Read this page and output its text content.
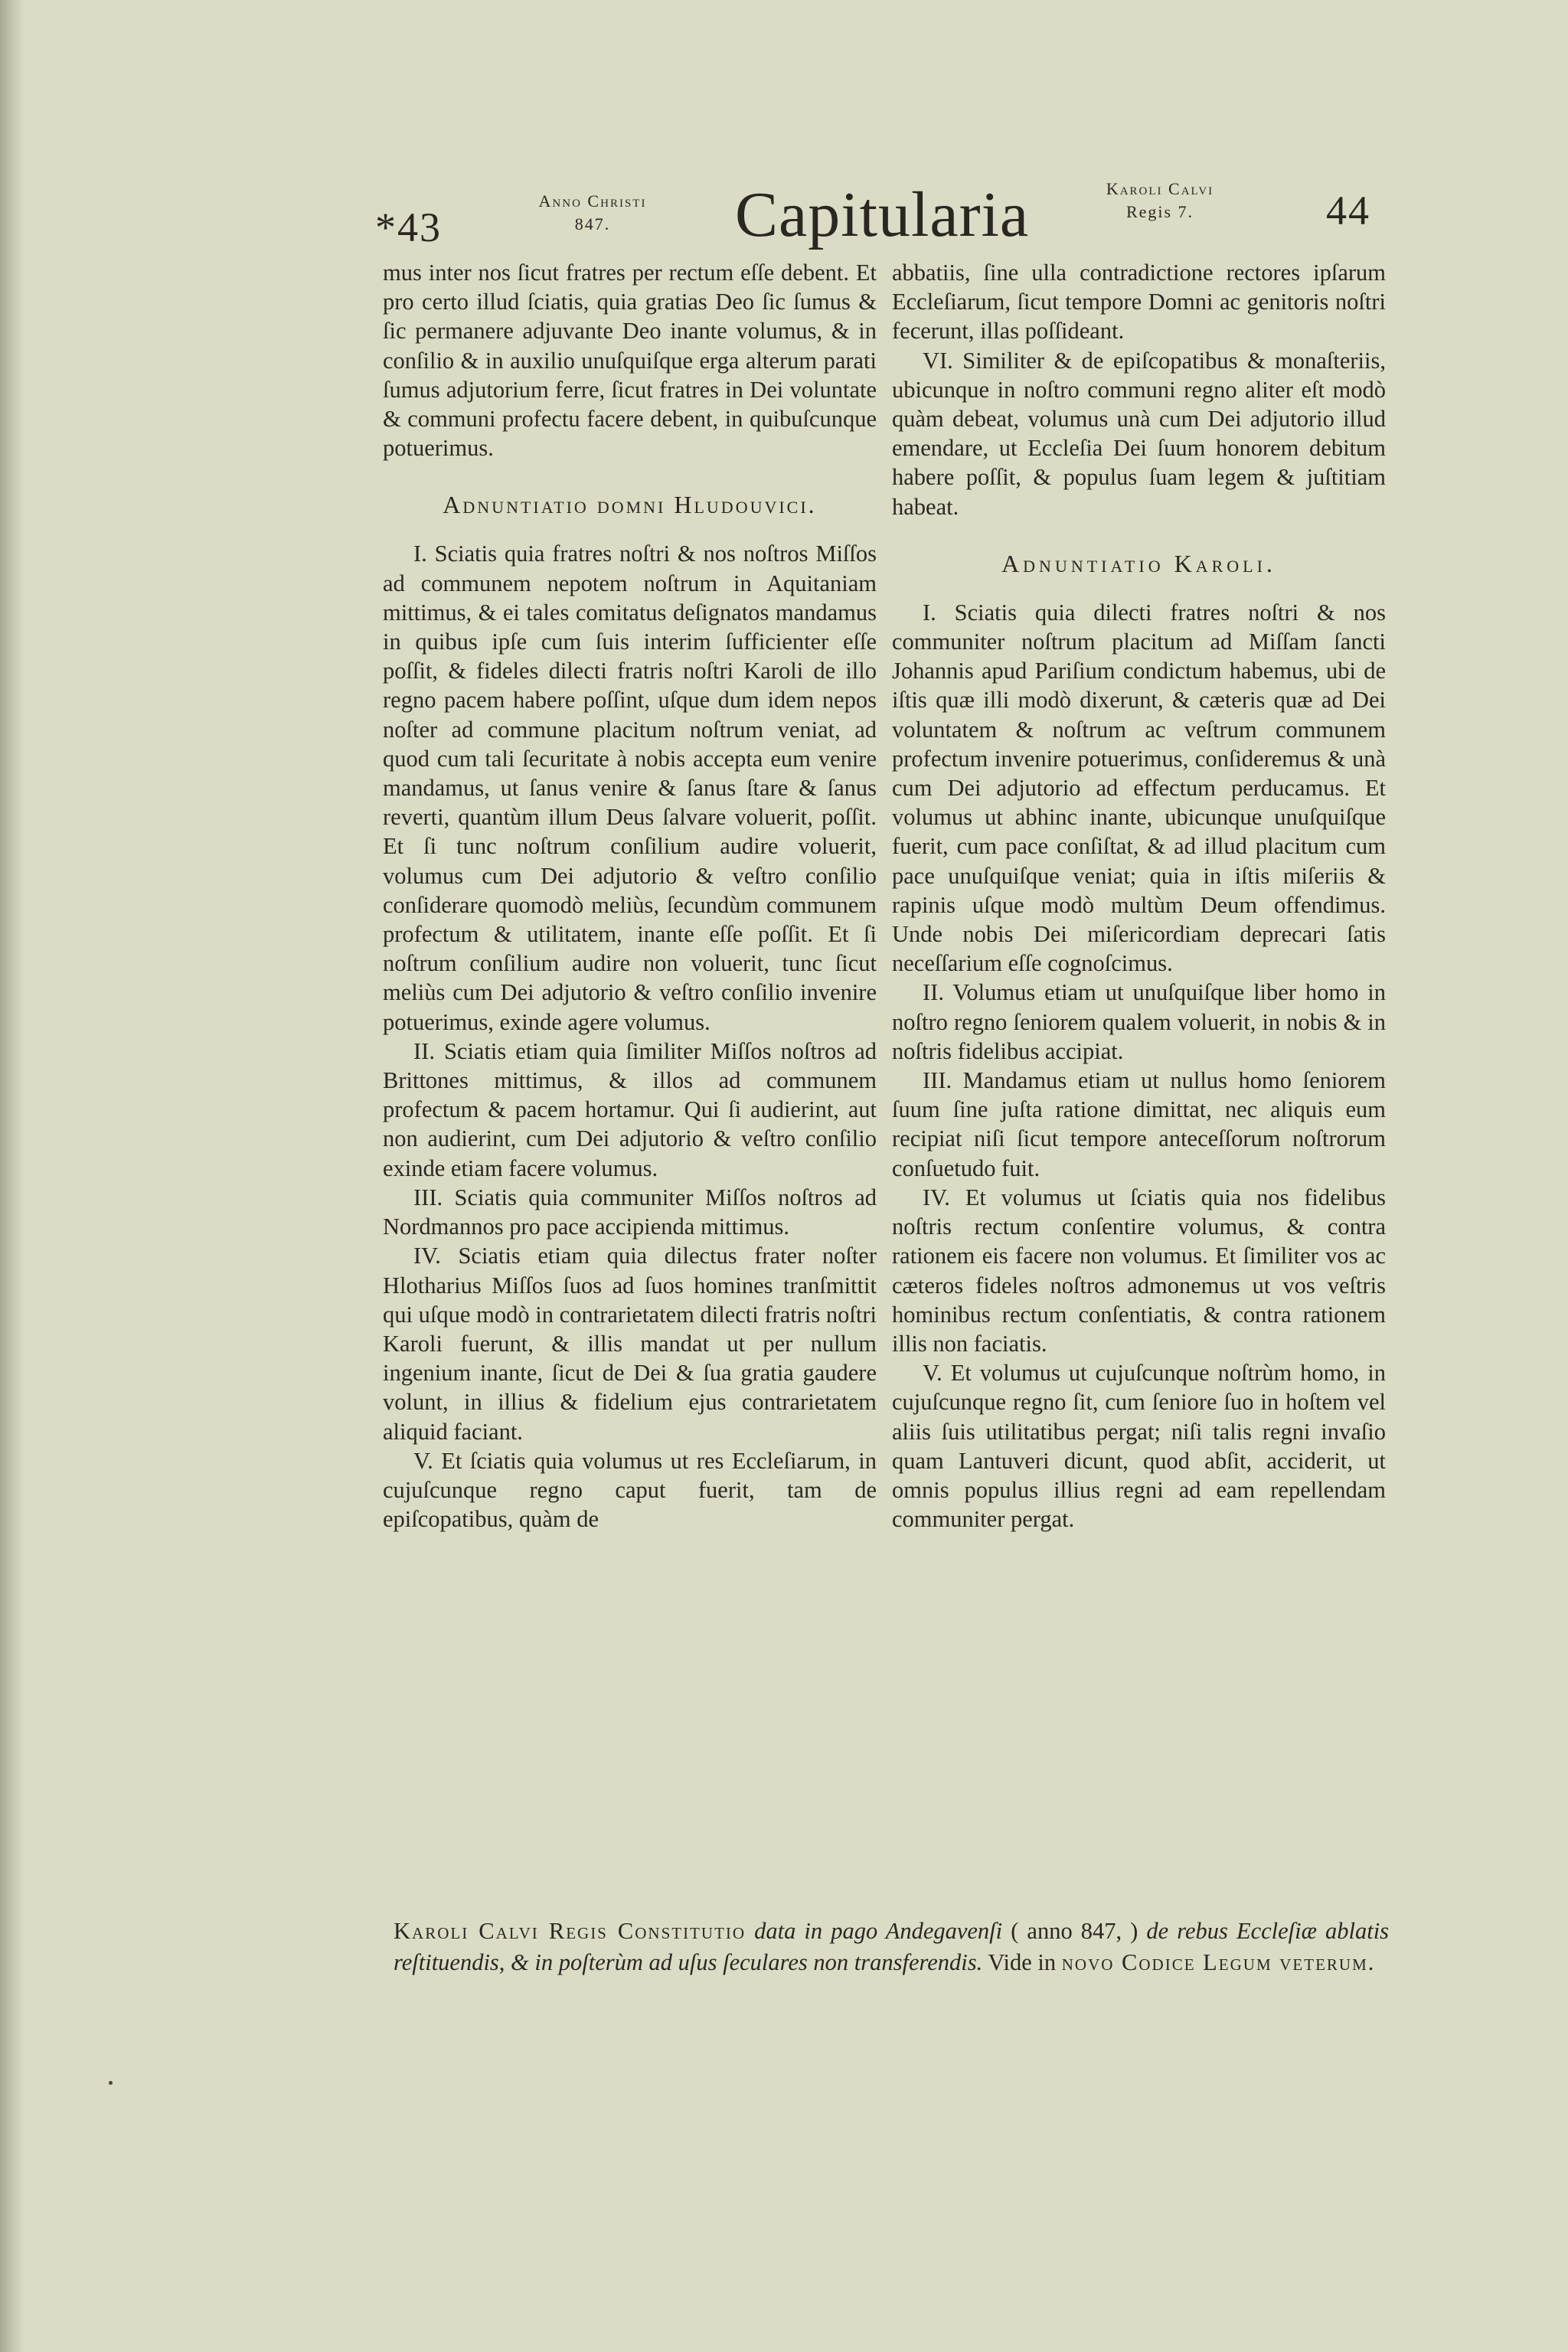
*43
Anno Christi
847.	Capitularia	Karoli Calvi
Regis 7.	44

mus inter nos ſicut fratres per rectum eſſe debent. Et pro certo illud ſciatis, quia gratias Deo ſic ſumus & ſic permanere adjuvante Deo inante volumus, & in conſilio & in auxilio unuſquiſque erga alterum parati ſumus adjutorium ferre, ſicut fratres in Dei voluntate & communi profectu facere debent, in quibuſcunque potuerimus.

Adnuntiatio domni Hludouvici.

I. Sciatis quia fratres noſtri & nos noſtros Miſſos ad communem nepotem noſtrum in Aquitaniam mittimus, & ei tales comitatus deſignatos mandamus in quibus ipſe cum ſuis interim ſufficienter eſſe poſſit, & fideles dilecti fratris noſtri Karoli de illo regno pacem habere poſſint, uſque dum idem nepos noſter ad commune placitum noſtrum veniat, ad quod cum tali ſecuritate à nobis accepta eum venire mandamus, ut ſanus venire & ſanus ſtare & ſanus reverti, quantùm illum Deus ſalvare voluerit, poſſit. Et ſi tunc noſtrum conſilium audire voluerit, volumus cum Dei adjutorio & veſtro conſilio conſiderare quomodò meliùs, ſecundùm communem profectum & utilitatem, inante eſſe poſſit. Et ſi noſtrum conſilium audire non voluerit, tunc ſicut meliùs cum Dei adjutorio & veſtro conſilio invenire potuerimus, exinde agere volumus.

II. Sciatis etiam quia ſimiliter Miſſos noſtros ad Brittones mittimus, & illos ad communem profectum & pacem hortamur. Qui ſi audierint, aut non audierint, cum Dei adjutorio & veſtro conſilio exinde etiam facere volumus.

III. Sciatis quia communiter Miſſos noſtros ad Nordmannos pro pace accipienda mittimus.

IV. Sciatis etiam quia dilectus frater noſter Hlotharius Miſſos ſuos ad ſuos homines tranſmittit qui uſque modò in contrarietatem dilecti fratris noſtri Karoli fuerunt, & illis mandat ut per nullum ingenium inante, ſicut de Dei & ſua gratia gaudere volunt, in illius & fidelium ejus contrarietatem aliquid faciant.

V. Et ſciatis quia volumus ut res Eccleſiarum, in cujuſcunque regno caput fuerit, tam de epiſcopatibus, quàm de

abbatiis, ſine ulla contradictione rectores ipſarum Eccleſiarum, ſicut tempore Domni ac genitoris noſtri fecerunt, illas poſſideant.

VI. Similiter & de epiſcopatibus & monaſteriis, ubicunque in noſtro communi regno aliter eſt modò quàm debeat, volumus unà cum Dei adjutorio illud emendare, ut Eccleſia Dei ſuum honorem debitum habere poſſit, & populus ſuam legem & juſtitiam habeat.

Adnuntiatio Karoli.

I. Sciatis quia dilecti fratres noſtri & nos communiter noſtrum placitum ad Miſſam ſancti Johannis apud Pariſium condictum habemus, ubi de iſtis quæ illi modò dixerunt, & cæteris quæ ad Dei voluntatem & noſtrum ac veſtrum communem profectum invenire potuerimus, conſideremus & unà cum Dei adjutorio ad effectum perducamus. Et volumus ut abhinc inante, ubicunque unuſquiſque fuerit, cum pace conſiſtat, & ad illud placitum cum pace unuſquiſque veniat; quia in iſtis miſeriis & rapinis uſque modò multùm Deum offendimus. Unde nobis Dei miſericordiam deprecari ſatis neceſſarium eſſe cognoſcimus.

II. Volumus etiam ut unuſquiſque liber homo in noſtro regno ſeniorem qualem voluerit, in nobis & in noſtris fidelibus accipiat.

III. Mandamus etiam ut nullus homo ſeniorem ſuum ſine juſta ratione dimittat, nec aliquis eum recipiat niſi ſicut tempore anteceſſorum noſtrorum conſuetudo fuit.

IV. Et volumus ut ſciatis quia nos fidelibus noſtris rectum conſentire volumus, & contra rationem eis facere non volumus. Et ſimiliter vos ac cæteros fideles noſtros admonemus ut vos veſtris hominibus rectum conſentiatis, & contra rationem illis non faciatis.

V. Et volumus ut cujuſcunque noſtrùm homo, in cujuſcunque regno ſit, cum ſeniore ſuo in hoſtem vel aliis ſuis utilitatibus pergat; niſi talis regni invaſio quam Lantuveri dicunt, quod abſit, acciderit, ut omnis populus illius regni ad eam repellendam communiter pergat.

Karoli Calvi Regis Constitutio data in pago Andegavenſi ( anno 847, ) de rebus Eccleſiæ ablatis reſtituendis, & in poſterùm ad uſus ſeculares non transferendis. Vide in novo Codice Legum veterum.
